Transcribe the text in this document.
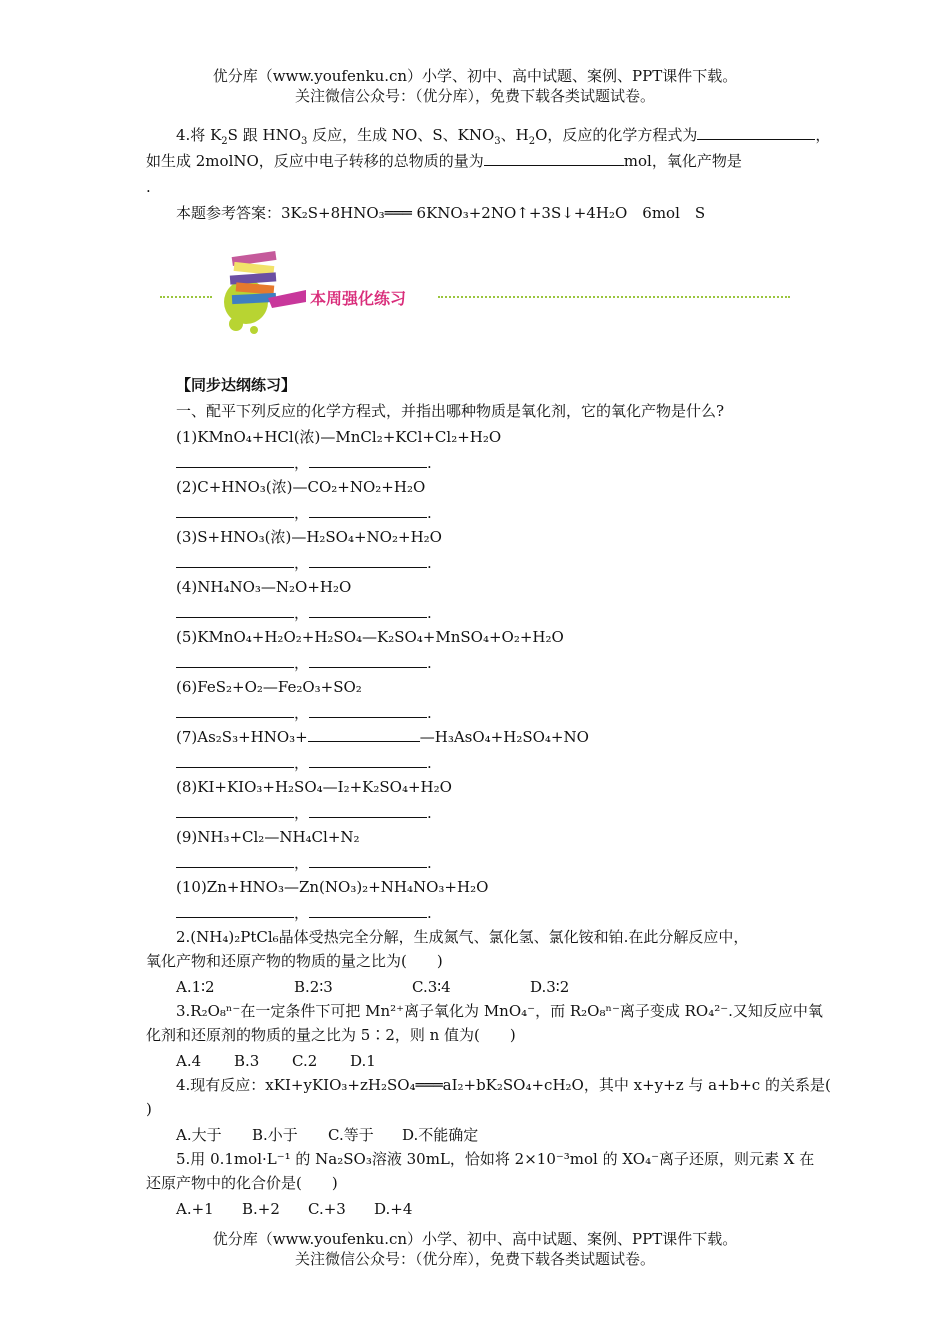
优分库（www.youfenku.cn）小学、初中、高中试题、案例、PPT课件下载。
关注微信公众号：（优分库），免费下载各类试题试卷。
4.将 $K_2S$ 跟 $HNO_3$ 反应，生成 NO、S、$KNO_3$、$H_2O$，反应的化学方程式为	，
如生成 2molNO，反应中电子转移的总物质的量为	mol，氧化产物是
.
本题参考答案：3K₂S+8HNO₃═══ 6KNO₃+2NO↑+3S↓+4H₂O　6mol　S
本周强化练习
【同步达纲练习】
一、配平下列反应的化学方程式，并指出哪种物质是氧化剂，它的氧化产物是什么?
(1)KMnO₄+HCl(浓)—MnCl₂+KCl+Cl₂+H₂O
，	.
(2)C+HNO₃(浓)—CO₂+NO₂+H₂O
，	.
(3)S+HNO₃(浓)—H₂SO₄+NO₂+H₂O
，	.
(4)NH₄NO₃—N₂O+H₂O
，	.
(5)KMnO₄+H₂O₂+H₂SO₄—K₂SO₄+MnSO₄+O₂+H₂O
，	.
(6)FeS₂+O₂—Fe₂O₃+SO₂
，	.
(7)As₂S₃+HNO₃+	—H₃AsO₄+H₂SO₄+NO
，	.
(8)KI+KIO₃+H₂SO₄—I₂+K₂SO₄+H₂O
，	.
(9)NH₃+Cl₂—NH₄Cl+N₂
，	.
(10)Zn+HNO₃—Zn(NO₃)₂+NH₄NO₃+H₂O
，	.
2.(NH₄)₂PtCl₆晶体受热完全分解，生成氮气、氯化氢、氯化铵和铂.在此分解反应中，
氧化产物和还原产物的物质的量之比为(　　)
A.1∶2	B.2∶3	C.3∶4	D.3∶2
3.R₂O₈ⁿ⁻在一定条件下可把 Mn²⁺离子氧化为 MnO₄⁻，而 R₂O₈ⁿ⁻离子变成 RO₄²⁻.又知反应中氧
化剂和还原剂的物质的量之比为 5∶2，则 n 值为(　　)
A.4 B.3 C.2 D.1
4.现有反应：xKI+yKIO₃+zH₂SO₄═══aI₂+bK₂SO₄+cH₂O，其中 x+y+z 与 a+b+c 的关系是(
)
A.大于 B.小于 C.等于 D.不能确定
5.用 0.1mol·L⁻¹ 的 Na₂SO₃溶液 30mL，恰如将 2×10⁻³mol 的 XO₄⁻离子还原，则元素 X 在
还原产物中的化合价是(　　)
A.+1 B.+2 C.+3 D.+4
优分库（www.youfenku.cn）小学、初中、高中试题、案例、PPT课件下载。
关注微信公众号：（优分库），免费下载各类试题试卷。
